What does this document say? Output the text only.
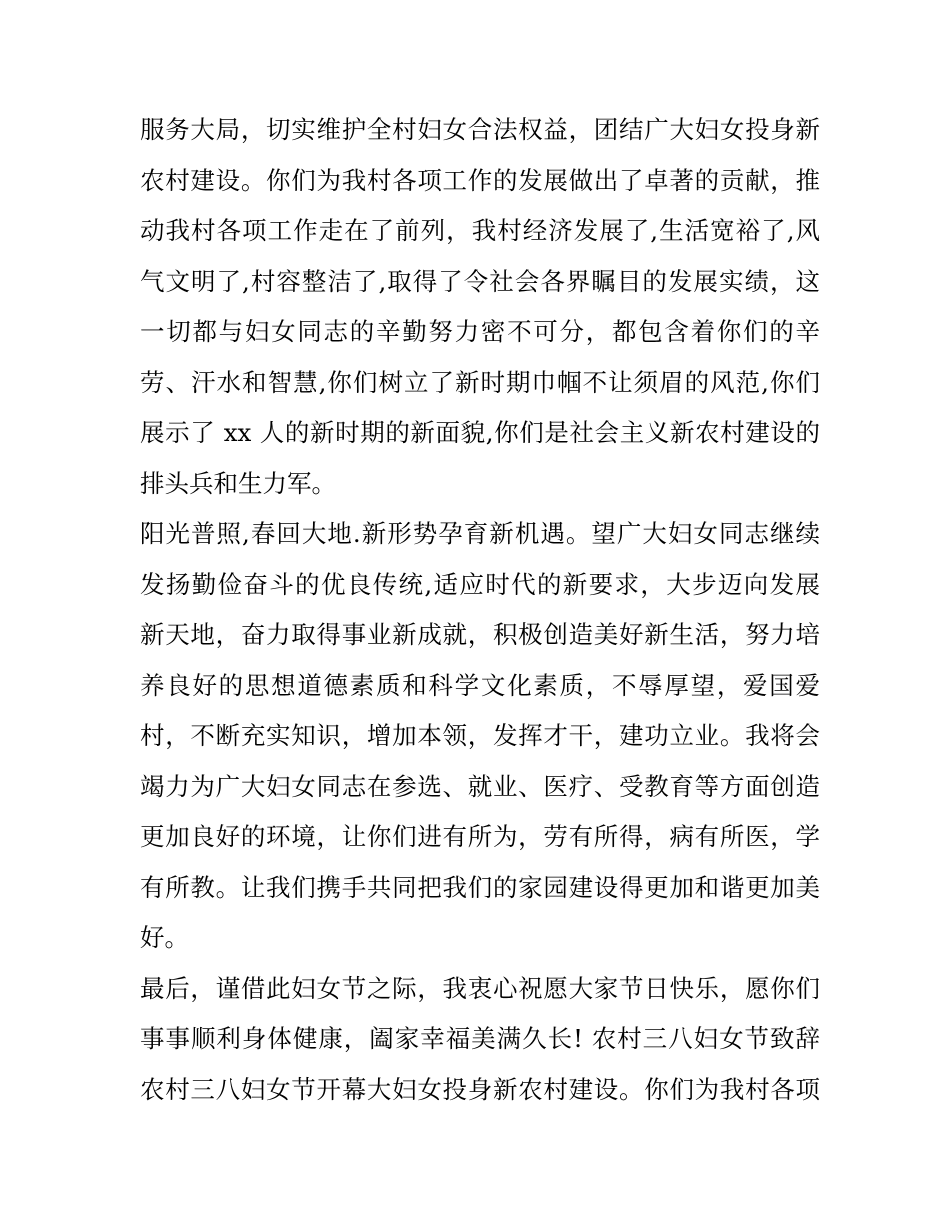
服务大局，切实维护全村妇女合法权益，团结广大妇女投身新
农村建设。你们为我村各项工作的发展做出了卓著的贡献，推
动我村各项工作走在了前列，我村经济发展了,生活宽裕了,风
气文明了,村容整洁了,取得了令社会各界瞩目的发展实绩，这
一切都与妇女同志的辛勤努力密不可分，都包含着你们的辛
劳、汗水和智慧,你们树立了新时期巾帼不让须眉的风范,你们
展示了 xx 人的新时期的新面貌,你们是社会主义新农村建设的
排头兵和生力军。
阳光普照,春回大地.新形势孕育新机遇。望广大妇女同志继续
发扬勤俭奋斗的优良传统,适应时代的新要求，大步迈向发展
新天地，奋力取得事业新成就，积极创造美好新生活，努力培
养良好的思想道德素质和科学文化素质，不辱厚望，爱国爱
村，不断充实知识，增加本领，发挥才干，建功立业。我将会
竭力为广大妇女同志在参选、就业、医疗、受教育等方面创造
更加良好的环境，让你们进有所为，劳有所得，病有所医，学
有所教。让我们携手共同把我们的家园建设得更加和谐更加美
好。
最后，谨借此妇女节之际，我衷心祝愿大家节日快乐，愿你们
事事顺利身体健康，阖家幸福美满久长! 农村三八妇女节致辞
农村三八妇女节开幕大妇女投身新农村建设。你们为我村各项
